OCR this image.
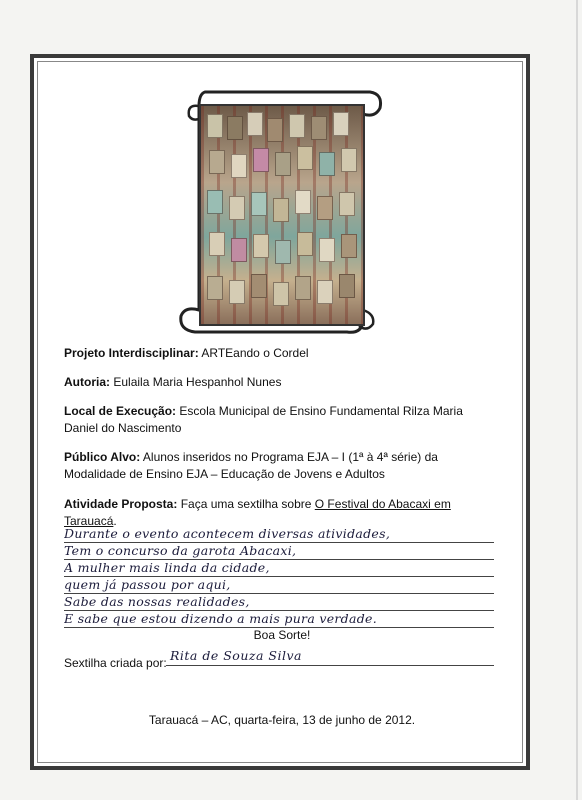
Projeto Interdisciplinar: ARTEando o Cordel
Autoria: Eulaila Maria Hespanhol Nunes
Local de Execução: Escola Municipal de Ensino Fundamental Rilza Maria Daniel do Nascimento
Público Alvo: Alunos inseridos no Programa EJA – I (1ª à 4ª série) da Modalidade de Ensino EJA – Educação de Jovens e Adultos
Atividade Proposta: Faça uma sextilha sobre O Festival do Abacaxi em Tarauacá.
Durante o evento acontecem diversas atividades,
Tem o concurso da garota Abacaxi,
A mulher mais linda da cidade,
quem já passou por aqui,
Sabe das nossas realidades,
E sabe que estou dizendo a mais pura verdade.
Boa Sorte!
Sextilha criada por: Rita de Souza Silva
Tarauacá – AC, quarta-feira, 13 de junho de 2012.
